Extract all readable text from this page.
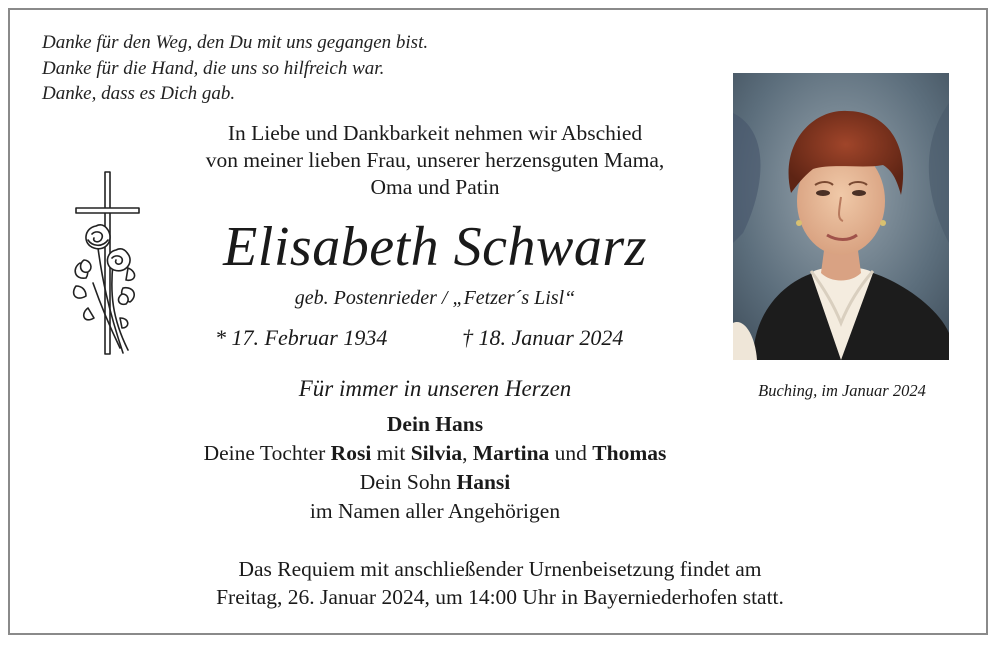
Danke für den Weg, den Du mit uns gegangen bist.
Danke für die Hand, die uns so hilfreich war.
Danke, dass es Dich gab.
In Liebe und Dankbarkeit nehmen wir Abschied
von meiner lieben Frau, unserer herzensguten Mama,
Oma und Patin
Elisabeth Schwarz
geb. Postenrieder / „Fetzer´s Lisl“
* 17. Februar 1934	† 18. Januar 2024
Für immer in unseren Herzen
Dein Hans
Deine Tochter Rosi mit Silvia, Martina und Thomas
Dein Sohn Hansi
im Namen aller Angehörigen
Buching, im Januar 2024
Das Requiem mit anschließender Urnenbeisetzung findet am
Freitag, 26. Januar 2024, um 14:00 Uhr in Bayerniederhofen statt.
